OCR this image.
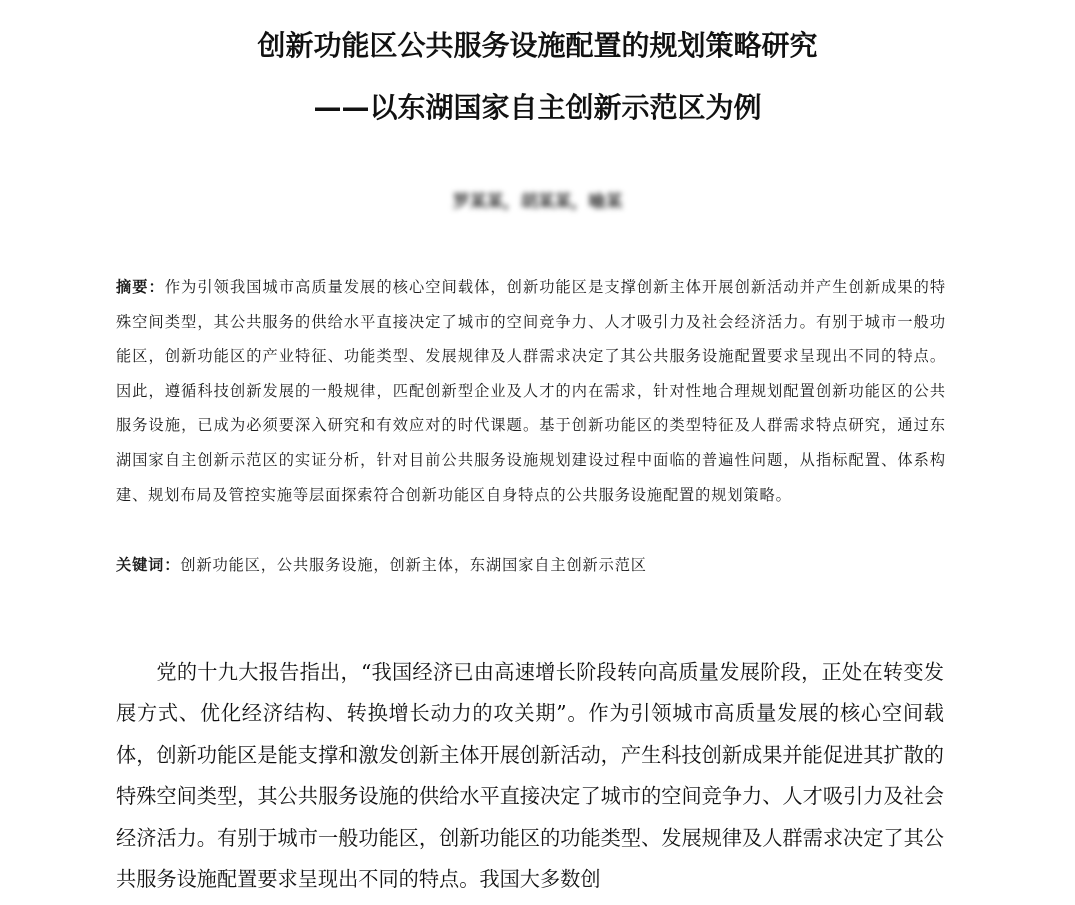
创新功能区公共服务设施配置的规划策略研究
——以东湖国家自主创新示范区为例
罗某某，胡某某，喻某
摘要：作为引领我国城市高质量发展的核心空间载体，创新功能区是支撑创新主体开展创新活动并产生创新成果的特殊空间类型，其公共服务的供给水平直接决定了城市的空间竞争力、人才吸引力及社会经济活力。有别于城市一般功能区，创新功能区的产业特征、功能类型、发展规律及人群需求决定了其公共服务设施配置要求呈现出不同的特点。因此，遵循科技创新发展的一般规律，匹配创新型企业及人才的内在需求，针对性地合理规划配置创新功能区的公共服务设施，已成为必须要深入研究和有效应对的时代课题。基于创新功能区的类型特征及人群需求特点研究，通过东湖国家自主创新示范区的实证分析，针对目前公共服务设施规划建设过程中面临的普遍性问题，从指标配置、体系构建、规划布局及管控实施等层面探索符合创新功能区自身特点的公共服务设施配置的规划策略。
关键词：创新功能区，公共服务设施，创新主体，东湖国家自主创新示范区

党的十九大报告指出，“我国经济已由高速增长阶段转向高质量发展阶段，正处在转变发展方式、优化经济结构、转换增长动力的攻关期”。作为引领城市高质量发展的核心空间载体，创新功能区是能支撑和激发创新主体开展创新活动，产生科技创新成果并能促进其扩散的特殊空间类型，其公共服务设施的供给水平直接决定了城市的空间竞争力、人才吸引力及社会经济活力。有别于城市一般功能区，创新功能区的功能类型、发展规律及人群需求决定了其公共服务设施配置要求呈现出不同的特点。我国大多数创
